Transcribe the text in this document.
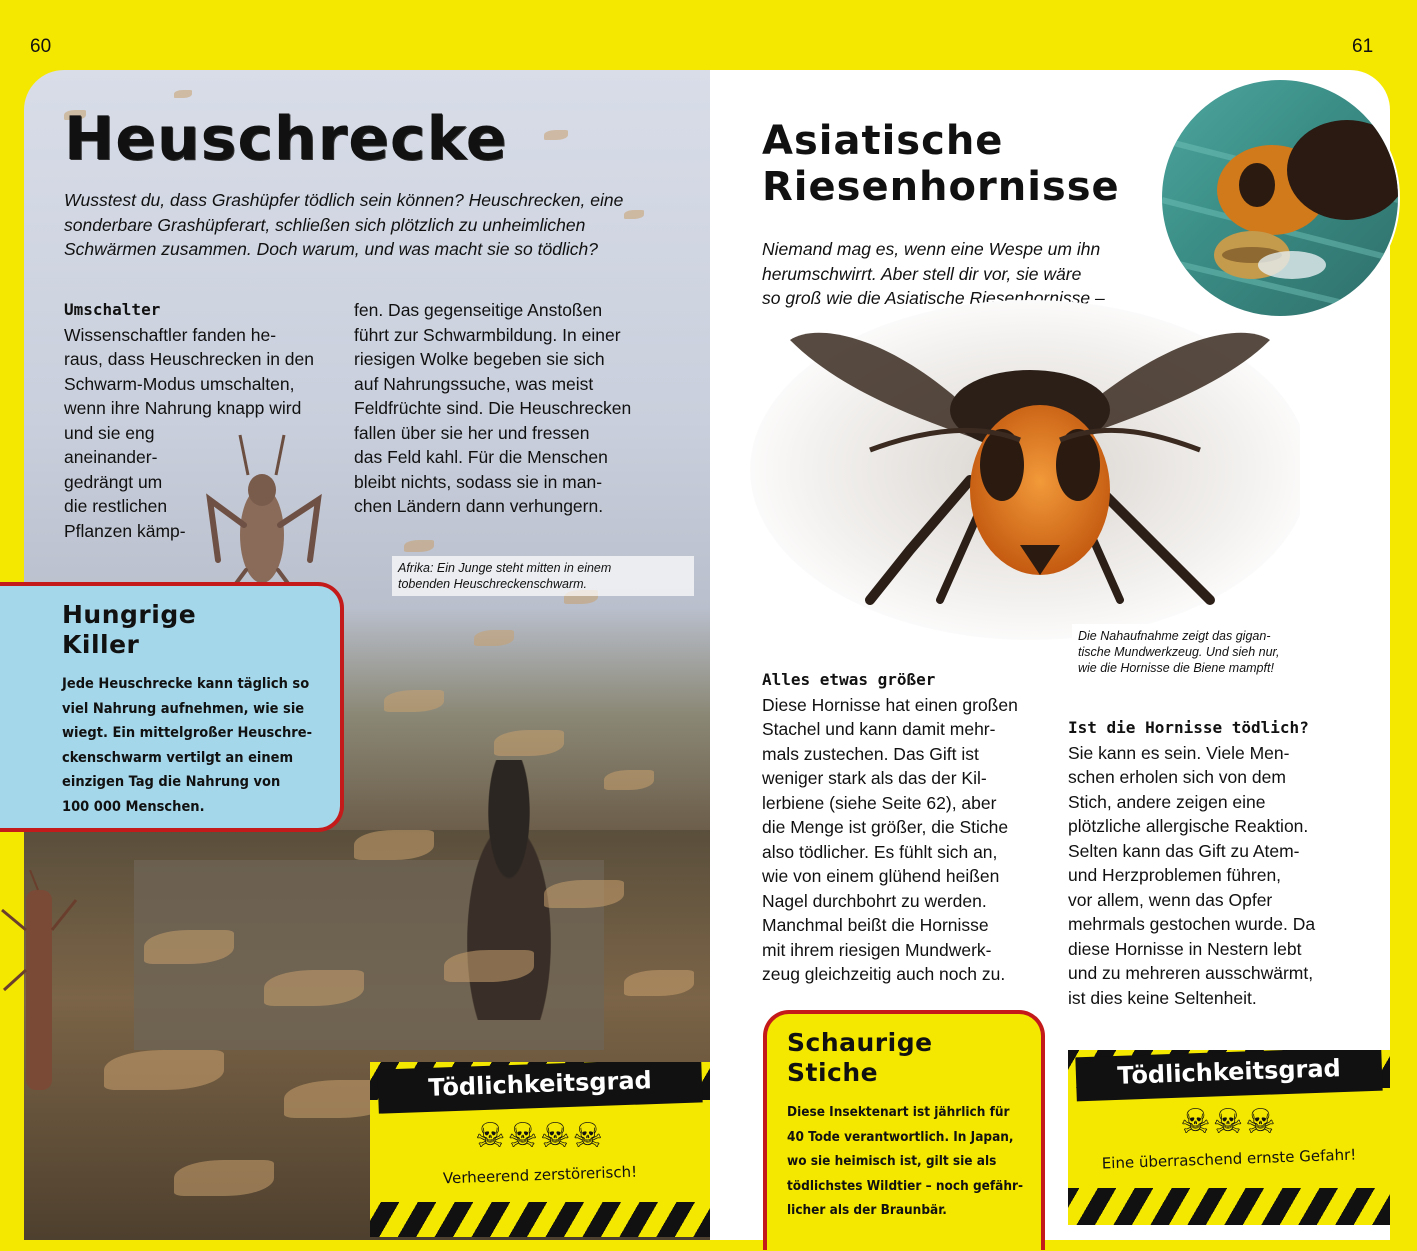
60
Heuschrecke

Wusstest du, dass Grashüpfer tödlich sein können? Heuschrecken, eine sonderbare Grashüpferart, schließen sich plötzlich zu unheimlichen Schwärmen zusammen. Doch warum, und was macht sie so tödlich?

Umschalter
Wissenschaftler fanden he-
raus, dass Heuschrecken in den
Schwarm-Modus umschalten,
wenn ihre Nahrung knapp wird
und sie eng
aneinander-
gedrängt um
die restlichen
Pflanzen kämp-
fen. Das gegenseitige Anstoßen
führt zur Schwarmbildung. In einer
riesigen Wolke begeben sie sich
auf Nahrungssuche, was meist
Feldfrüchte sind. Die Heuschrecken
fallen über sie her und fressen
das Feld kahl. Für die Menschen
bleibt nichts, sodass sie in man-
chen Ländern dann verhungern.
Afrika: Ein Junge steht mitten in einem
tobenden Heuschreckenschwarm.
Hungrige
Killer
Jede Heuschrecke kann täglich so
viel Nahrung aufnehmen, wie sie
wiegt. Ein mittelgroßer Heuschre-
ckenschwarm vertilgt an einem
einzigen Tag die Nahrung von
100 000 Menschen.
Tödlichkeitsgrad
☠☠☠☠
Verheerend zerstörerisch!
61
Asiatische
Riesenhornisse
Niemand mag es, wenn eine Wespe um ihn
herumschwirrt. Aber stell dir vor, sie wäre
so groß wie die Asiatische Riesenhornisse –
Die Nahaufnahme zeigt das gigan-
tische Mundwerkzeug. Und sieh nur,
wie die Hornisse die Biene mampft!
Alles etwas größer
Diese Hornisse hat einen großen
Stachel und kann damit mehr-
mals zustechen. Das Gift ist
weniger stark als das der Kil-
lerbiene (siehe Seite 62), aber
die Menge ist größer, die Stiche
also tödlicher. Es fühlt sich an,
wie von einem glühend heißen
Nagel durchbohrt zu werden.
Manchmal beißt die Hornisse
mit ihrem riesigen Mundwerk-
zeug gleichzeitig auch noch zu.
Ist die Hornisse tödlich?
Sie kann es sein. Viele Men-
schen erholen sich von dem
Stich, andere zeigen eine
plötzliche allergische Reaktion.
Selten kann das Gift zu Atem-
und Herzproblemen führen,
vor allem, wenn das Opfer
mehrmals gestochen wurde. Da
diese Hornisse in Nestern lebt
und zu mehreren ausschwärmt,
ist dies keine Seltenheit.
Schaurige
Stiche
Diese Insektenart ist jährlich für
40 Tode verantwortlich. In Japan,
wo sie heimisch ist, gilt sie als
tödlichstes Wildtier – noch gefähr-
licher als der Braunbär.
Tödlichkeitsgrad
☠☠☠
Eine überraschend ernste Gefahr!
